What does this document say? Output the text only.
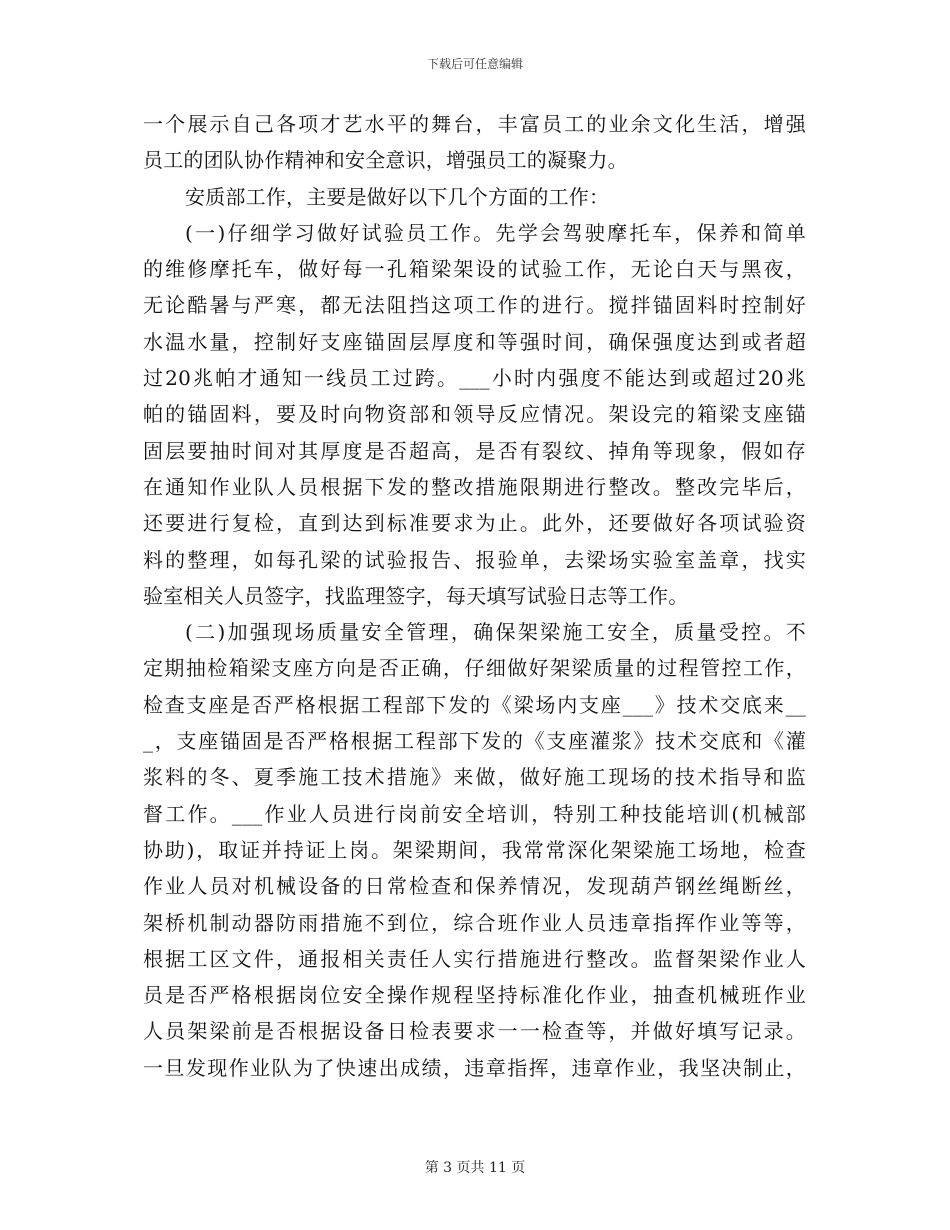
下载后可任意编辑
一个展示自己各项才艺水平的舞台，丰富员工的业余文化生活，增强
员工的团队协作精神和安全意识，增强员工的凝聚力。
安质部工作，主要是做好以下几个方面的工作：
(一)仔细学习做好试验员工作。先学会驾驶摩托车，保养和简单
的维修摩托车，做好每一孔箱梁架设的试验工作，无论白天与黑夜，
无论酷暑与严寒，都无法阻挡这项工作的进行。搅拌锚固料时控制好
水温水量，控制好支座锚固层厚度和等强时间，确保强度达到或者超
过20兆帕才通知一线员工过跨。___小时内强度不能达到或超过20兆
帕的锚固料，要及时向物资部和领导反应情况。架设完的箱梁支座锚
固层要抽时间对其厚度是否超高，是否有裂纹、掉角等现象，假如存
在通知作业队人员根据下发的整改措施限期进行整改。整改完毕后，
还要进行复检，直到达到标准要求为止。此外，还要做好各项试验资
料的整理，如每孔梁的试验报告、报验单，去梁场实验室盖章，找实
验室相关人员签字，找监理签字，每天填写试验日志等工作。
(二)加强现场质量安全管理，确保架梁施工安全，质量受控。不
定期抽检箱梁支座方向是否正确，仔细做好架梁质量的过程管控工作，
检查支座是否严格根据工程部下发的《梁场内支座___》技术交底来__
_，支座锚固是否严格根据工程部下发的《支座灌浆》技术交底和《灌
浆料的冬、夏季施工技术措施》来做，做好施工现场的技术指导和监
督工作。___作业人员进行岗前安全培训，特别工种技能培训(机械部
协助)，取证并持证上岗。架梁期间，我常常深化架梁施工场地，检查
作业人员对机械设备的日常检查和保养情况，发现葫芦钢丝绳断丝，
架桥机制动器防雨措施不到位，综合班作业人员违章指挥作业等等，
根据工区文件，通报相关责任人实行措施进行整改。监督架梁作业人
员是否严格根据岗位安全操作规程坚持标准化作业，抽查机械班作业
人员架梁前是否根据设备日检表要求一一检查等，并做好填写记录。
一旦发现作业队为了快速出成绩，违章指挥，违章作业，我坚决制止，
第 3 页共 11 页
